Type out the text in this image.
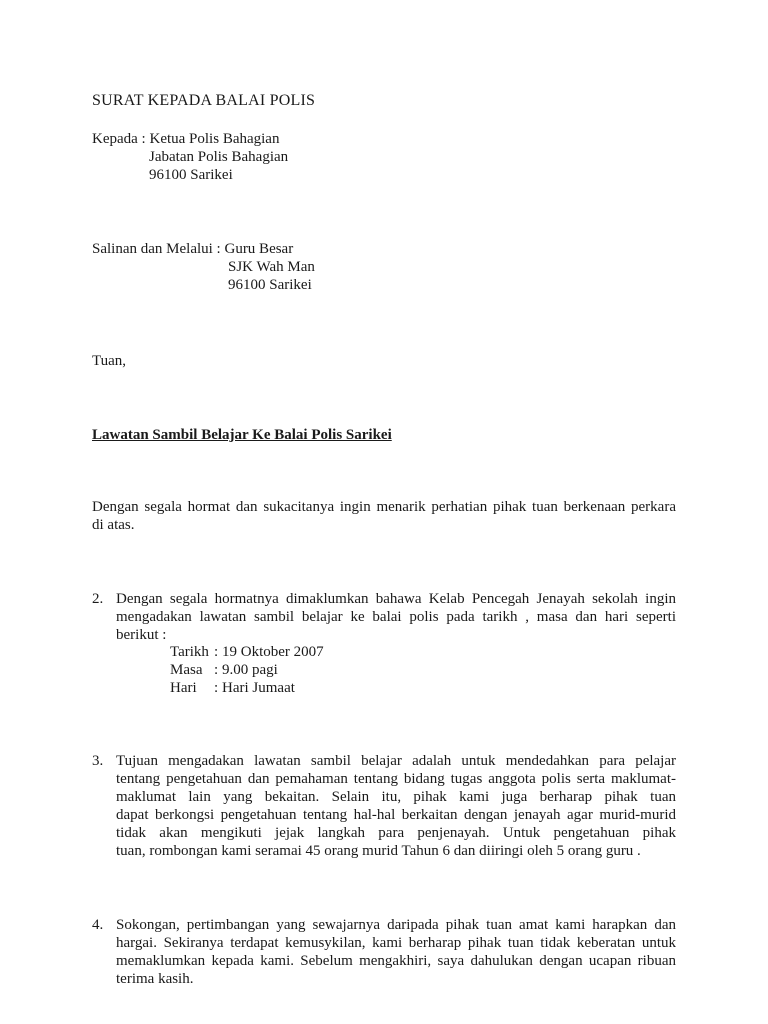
SURAT KEPADA BALAI POLIS
Kepada : Ketua Polis Bahagian
Jabatan Polis Bahagian
96100 Sarikei
Salinan dan Melalui : Guru Besar
SJK Wah Man
96100 Sarikei
Tuan,
Lawatan Sambil Belajar Ke Balai Polis Sarikei
Dengan segala hormat dan sukacitanya ingin menarik perhatian pihak tuan berkenaan perkara
di atas.
2. Dengan segala hormatnya dimaklumkan bahawa Kelab Pencegah Jenayah sekolah ingin
mengadakan lawatan sambil belajar ke balai polis pada tarikh , masa dan hari seperti
berikut :
Tarikh : 19 Oktober 2007
Masa : 9.00 pagi
Hari	: Hari Jumaat
3. Tujuan mengadakan lawatan sambil belajar adalah untuk mendedahkan para pelajar
tentang pengetahuan dan pemahaman tentang bidang tugas anggota polis serta maklumat-
maklumat lain yang bekaitan. Selain itu, pihak kami juga berharap pihak tuan
dapat berkongsi pengetahuan tentang hal-hal berkaitan dengan jenayah agar murid-murid
tidak akan mengikuti jejak langkah para penjenayah. Untuk pengetahuan pihak
tuan, rombongan kami seramai 45 orang murid Tahun 6 dan diiringi oleh 5 orang guru .
4. Sokongan, pertimbangan yang sewajarnya daripada pihak tuan amat kami harapkan dan
hargai. Sekiranya terdapat kemusykilan, kami berharap pihak tuan tidak keberatan untuk
memaklumkan kepada kami. Sebelum mengakhiri, saya dahulukan dengan ucapan ribuan
terima kasih.
